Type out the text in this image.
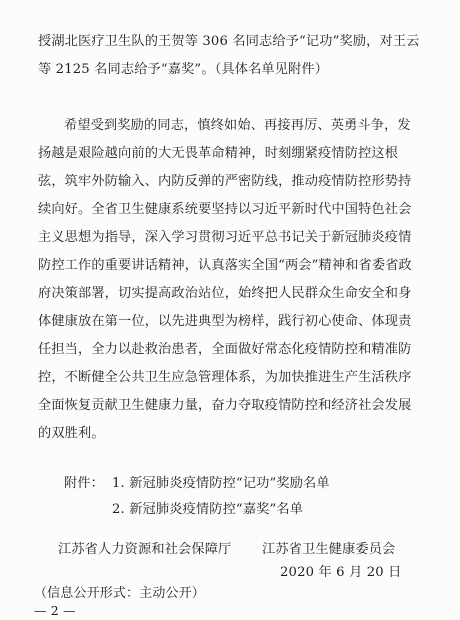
授湖北医疗卫生队的王贺等 306 名同志给予“记功”奖励，对王云
等 2125 名同志给予“嘉奖”。（具体名单见附件）
希望受到奖励的同志，慎终如始、再接再厉、英勇斗争，发
扬越是艰险越向前的大无畏革命精神，时刻绷紧疫情防控这根
弦，筑牢外防输入、内防反弹的严密防线，推动疫情防控形势持
续向好。全省卫生健康系统要坚持以习近平新时代中国特色社会
主义思想为指导，深入学习贯彻习近平总书记关于新冠肺炎疫情
防控工作的重要讲话精神，认真落实全国“两会”精神和省委省政
府决策部署，切实提高政治站位，始终把人民群众生命安全和身
体健康放在第一位，以先进典型为榜样，践行初心使命、体现责
任担当，全力以赴救治患者，全面做好常态化疫情防控和精准防
控，不断健全公共卫生应急管理体系，为加快推进生产生活秩序
全面恢复贡献卫生健康力量，奋力夺取疫情防控和经济社会发展
的双胜利。
附件： 1. 新冠肺炎疫情防控“记功”奖励名单
2. 新冠肺炎疫情防控“嘉奖”名单
江苏省人力资源和社会保障厅 江苏省卫生健康委员会
2020 年 6 月 20 日
（信息公开形式：主动公开）
— 2 —
